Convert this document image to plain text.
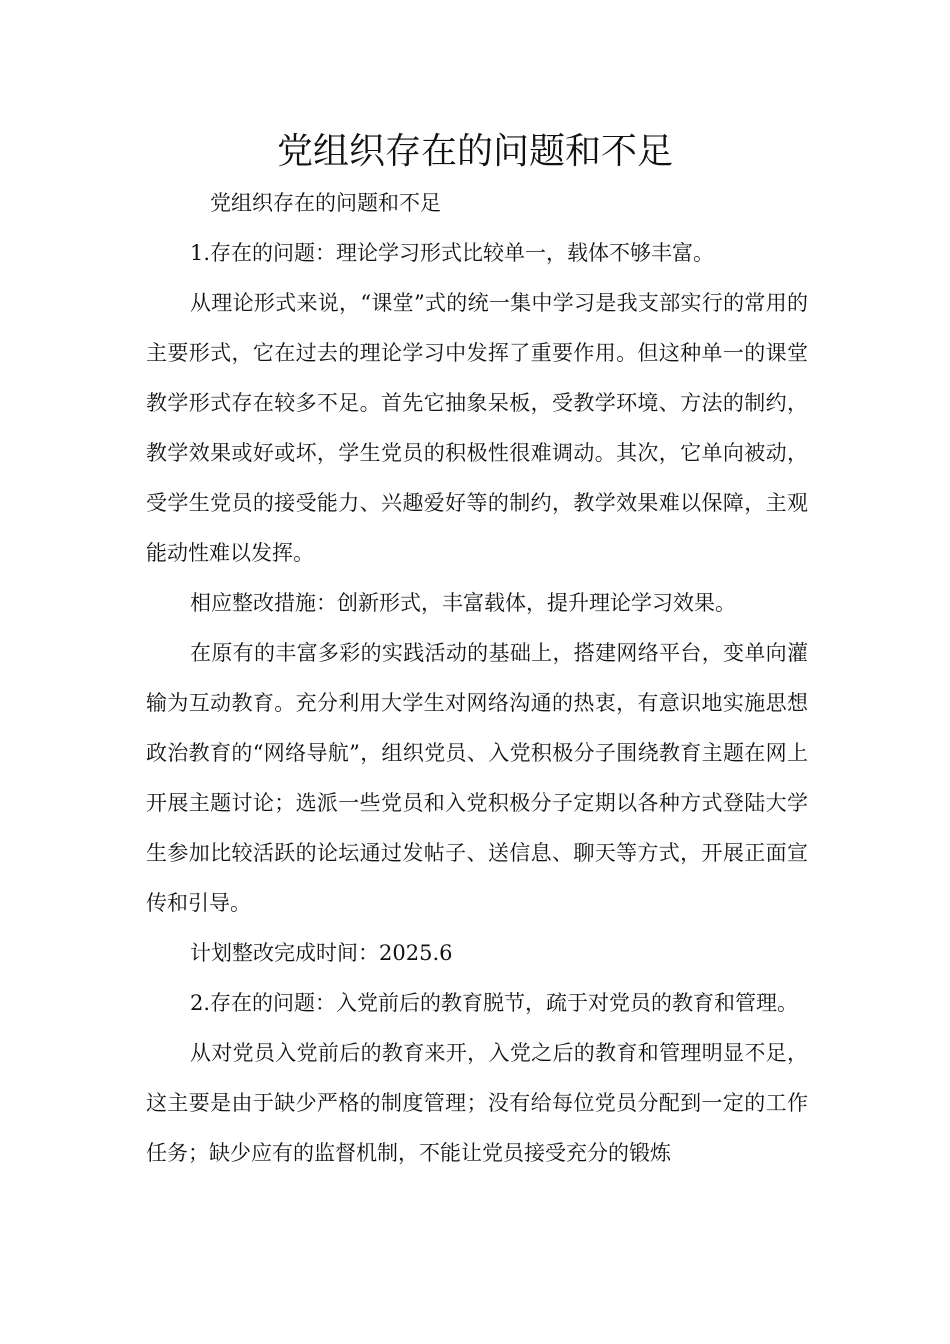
党组织存在的问题和不足

党组织存在的问题和不足

1.存在的问题：理论学习形式比较单一，载体不够丰富。

从理论形式来说，“课堂”式的统一集中学习是我支部实行的常用的主要形式，它在过去的理论学习中发挥了重要作用。但这种单一的课堂教学形式存在较多不足。首先它抽象呆板，受教学环境、方法的制约，教学效果或好或坏，学生党员的积极性很难调动。其次，它单向被动，受学生党员的接受能力、兴趣爱好等的制约，教学效果难以保障，主观能动性难以发挥。

相应整改措施：创新形式，丰富载体，提升理论学习效果。

在原有的丰富多彩的实践活动的基础上，搭建网络平台，变单向灌输为互动教育。充分利用大学生对网络沟通的热衷，有意识地实施思想政治教育的“网络导航”，组织党员、入党积极分子围绕教育主题在网上开展主题讨论；选派一些党员和入党积极分子定期以各种方式登陆大学生参加比较活跃的论坛通过发帖子、送信息、聊天等方式，开展正面宣传和引导。

计划整改完成时间：2025.6

2.存在的问题：入党前后的教育脱节，疏于对党员的教育和管理。

从对党员入党前后的教育来开，入党之后的教育和管理明显不足，这主要是由于缺少严格的制度管理；没有给每位党员分配到一定的工作任务；缺少应有的监督机制，不能让党员接受充分的锻炼
